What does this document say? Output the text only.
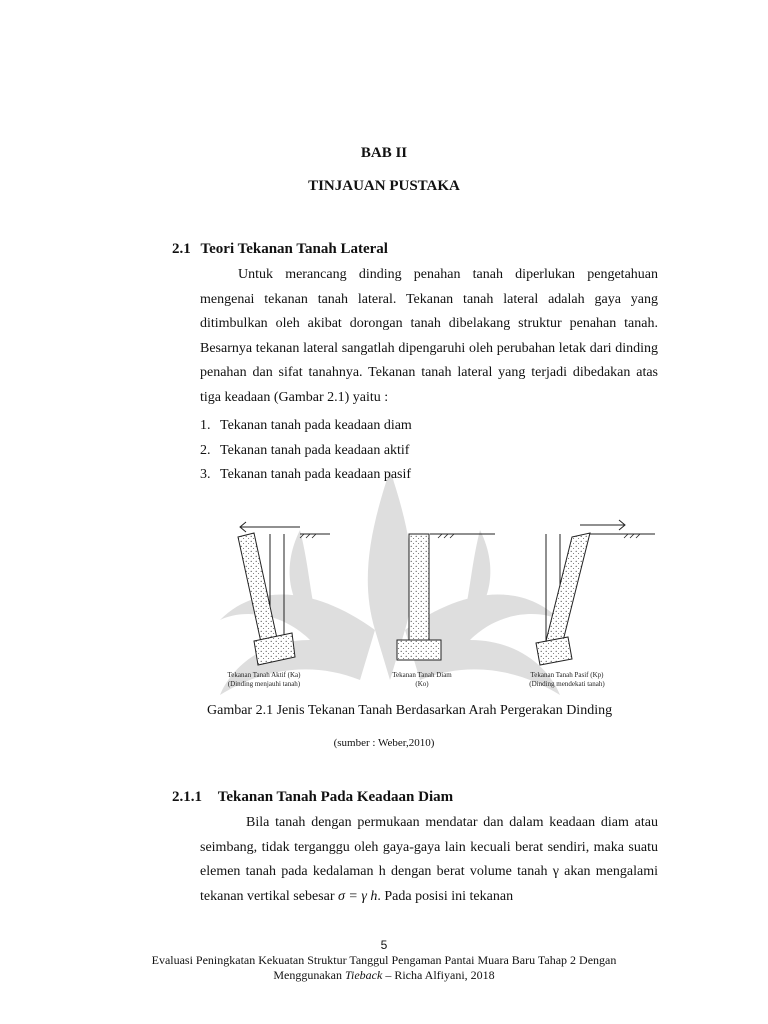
BAB II
TINJAUAN PUSTAKA
2.1 Teori Tekanan Tanah Lateral

Untuk merancang dinding penahan tanah diperlukan pengetahuan mengenai tekanan tanah lateral. Tekanan tanah lateral adalah gaya yang ditimbulkan oleh akibat dorongan tanah dibelakang struktur penahan tanah. Besarnya tekanan lateral sangatlah dipengaruhi oleh perubahan letak dari dinding penahan dan sifat tanahnya. Tekanan tanah lateral yang terjadi dibedakan atas tiga keadaan (Gambar 2.1) yaitu :

1. Tekanan tanah pada keadaan diam
2. Tekanan tanah pada keadaan aktif
3. Tekanan tanah pada keadaan pasif
Tekanan Tanah Aktif (Ka)
(Dinding menjauhi tanah)
Tekanan Tanah Diam
(Ko)
Tekanan Tanah Pasif (Kp)
(Dinding mendekati tanah)
Gambar 2.1 Jenis Tekanan Tanah Berdasarkan Arah Pergerakan Dinding
(sumber : Weber,2010)
2.1.1 Tekanan Tanah Pada Keadaan Diam

Bila tanah dengan permukaan mendatar dan dalam keadaan diam atau seimbang, tidak terganggu oleh gaya-gaya lain kecuali berat sendiri, maka suatu elemen tanah pada kedalaman h dengan berat volume tanah γ akan mengalami tekanan vertikal sebesar σ = γ h. Pada posisi ini tekanan

5
Evaluasi Peningkatan Kekuatan Struktur Tanggul Pengaman Pantai Muara Baru Tahap 2 Dengan
Menggunakan Tieback – Richa Alfiyani, 2018
